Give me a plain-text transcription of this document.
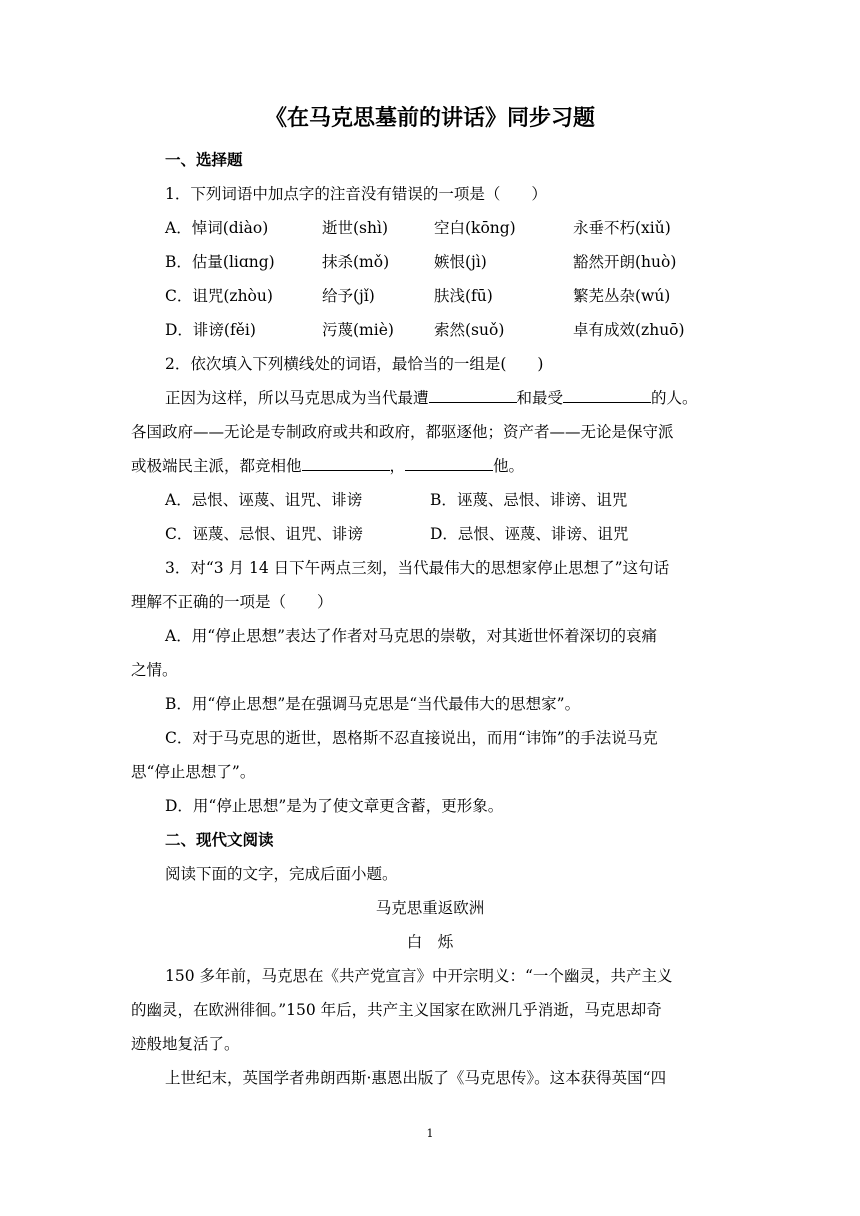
《在马克思墓前的讲话》同步习题
一、选择题
1．下列词语中加点字的注音没有错误的一项是（　　）
A．悼词(diào)	逝世(shì)	空白(kōng)	永垂不朽(xiǔ)
B．估量(liɑng)	抹杀(mǒ)	嫉恨(jì)	豁然开朗(huò)
C．诅咒(zhòu)	给予(jǐ)	肤浅(fū)	繁芜丛杂(wú)
D．诽谤(fěi)	污蔑(miè)	索然(suǒ)	卓有成效(zhuō)
2．依次填入下列横线处的词语，最恰当的一组是(　　)
正因为这样，所以马克思成为当代最遭	和最受	的人。
各国政府——无论是专制政府或共和政府，都驱逐他；资产者——无论是保守派
或极端民主派，都竞相他	，	他。
A．忌恨、诬蔑、诅咒、诽谤	B．诬蔑、忌恨、诽谤、诅咒
C．诬蔑、忌恨、诅咒、诽谤	D．忌恨、诬蔑、诽谤、诅咒
3．对“3 月 14 日下午两点三刻，当代最伟大的思想家停止思想了”这句话
理解不正确的一项是（　　）
A．用“停止思想”表达了作者对马克思的崇敬，对其逝世怀着深切的哀痛
之情。
B．用“停止思想”是在强调马克思是“当代最伟大的思想家”。
C．对于马克思的逝世，恩格斯不忍直接说出，而用“讳饰”的手法说马克
思“停止思想了”。
D．用“停止思想”是为了使文章更含蓄，更形象。
二、现代文阅读
阅读下面的文字，完成后面小题。
马克思重返欧洲
白　烁
150 多年前，马克思在《共产党宣言》中开宗明义：“一个幽灵，共产主义
的幽灵，在欧洲徘徊。”150 年后，共产主义国家在欧洲几乎消逝，马克思却奇
迹般地复活了。
上世纪末，英国学者弗朗西斯·惠恩出版了《马克思传》。这本获得英国“四
1
